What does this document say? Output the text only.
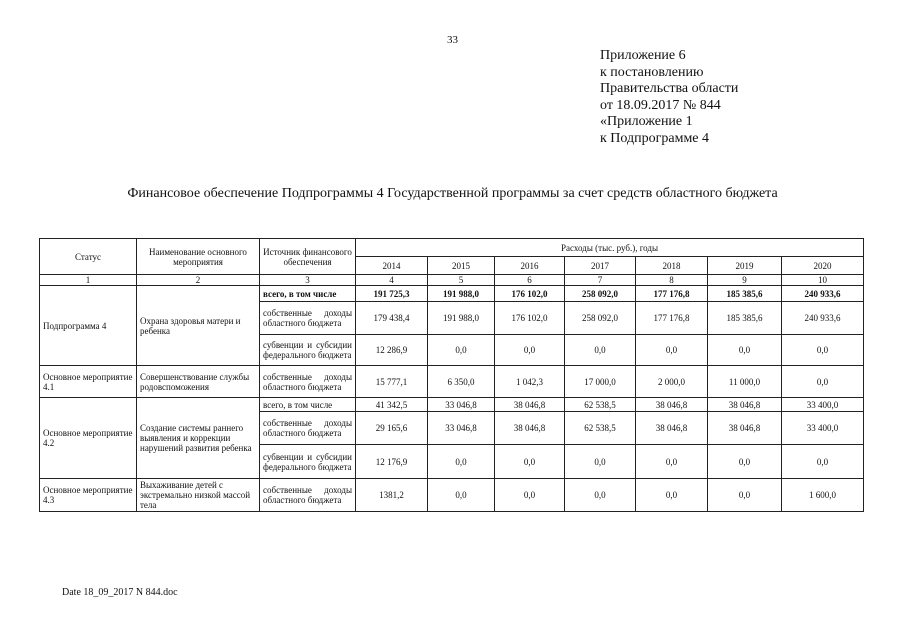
33
Приложение 6
к постановлению
Правительства области
от 18.09.2017 № 844
«Приложение 1
к Подпрограмме 4
Финансовое обеспечение Подпрограммы 4 Государственной программы за счет средств областного бюджета
Статус	Наименование основного мероприятия	Источник финансового обеспечения	Расходы (тыс. руб.), годы						
			2014	2015	2016	2017	2018	2019	2020
1	2	3	4	5	6	7	8	9	10
Подпрограмма 4	Охрана здоровья матери и ребенка	всего, в том числе	191 725,3	191 988,0	176 102,0	258 092,0	177 176,8	185 385,6	240 933,6
		собственные доходы областного бюджета	179 438,4	191 988,0	176 102,0	258 092,0	177 176,8	185 385,6	240 933,6
		субвенции и субсидии федерального бюджета	12 286,9	0,0	0,0	0,0	0,0	0,0	0,0
Основное мероприятие 4.1	Совершенствование службы родовспоможения	собственные доходы областного бюджета	15 777,1	6 350,0	1 042,3	17 000,0	2 000,0	11 000,0	0,0
Основное мероприятие 4.2	Создание системы раннего выявления и коррекции нарушений развития ребенка	всего, в том числе	41 342,5	33 046,8	38 046,8	62 538,5	38 046,8	38 046,8	33 400,0
		собственные доходы областного бюджета	29 165,6	33 046,8	38 046,8	62 538,5	38 046,8	38 046,8	33 400,0
		субвенции и субсидии федерального бюджета	12 176,9	0,0	0,0	0,0	0,0	0,0	0,0
Основное мероприятие 4.3	Выхаживание детей с экстремально низкой массой тела	собственные доходы областного бюджета	1381,2	0,0	0,0	0,0	0,0	0,0	1 600,0
Date 18_09_2017 N 844.doc
